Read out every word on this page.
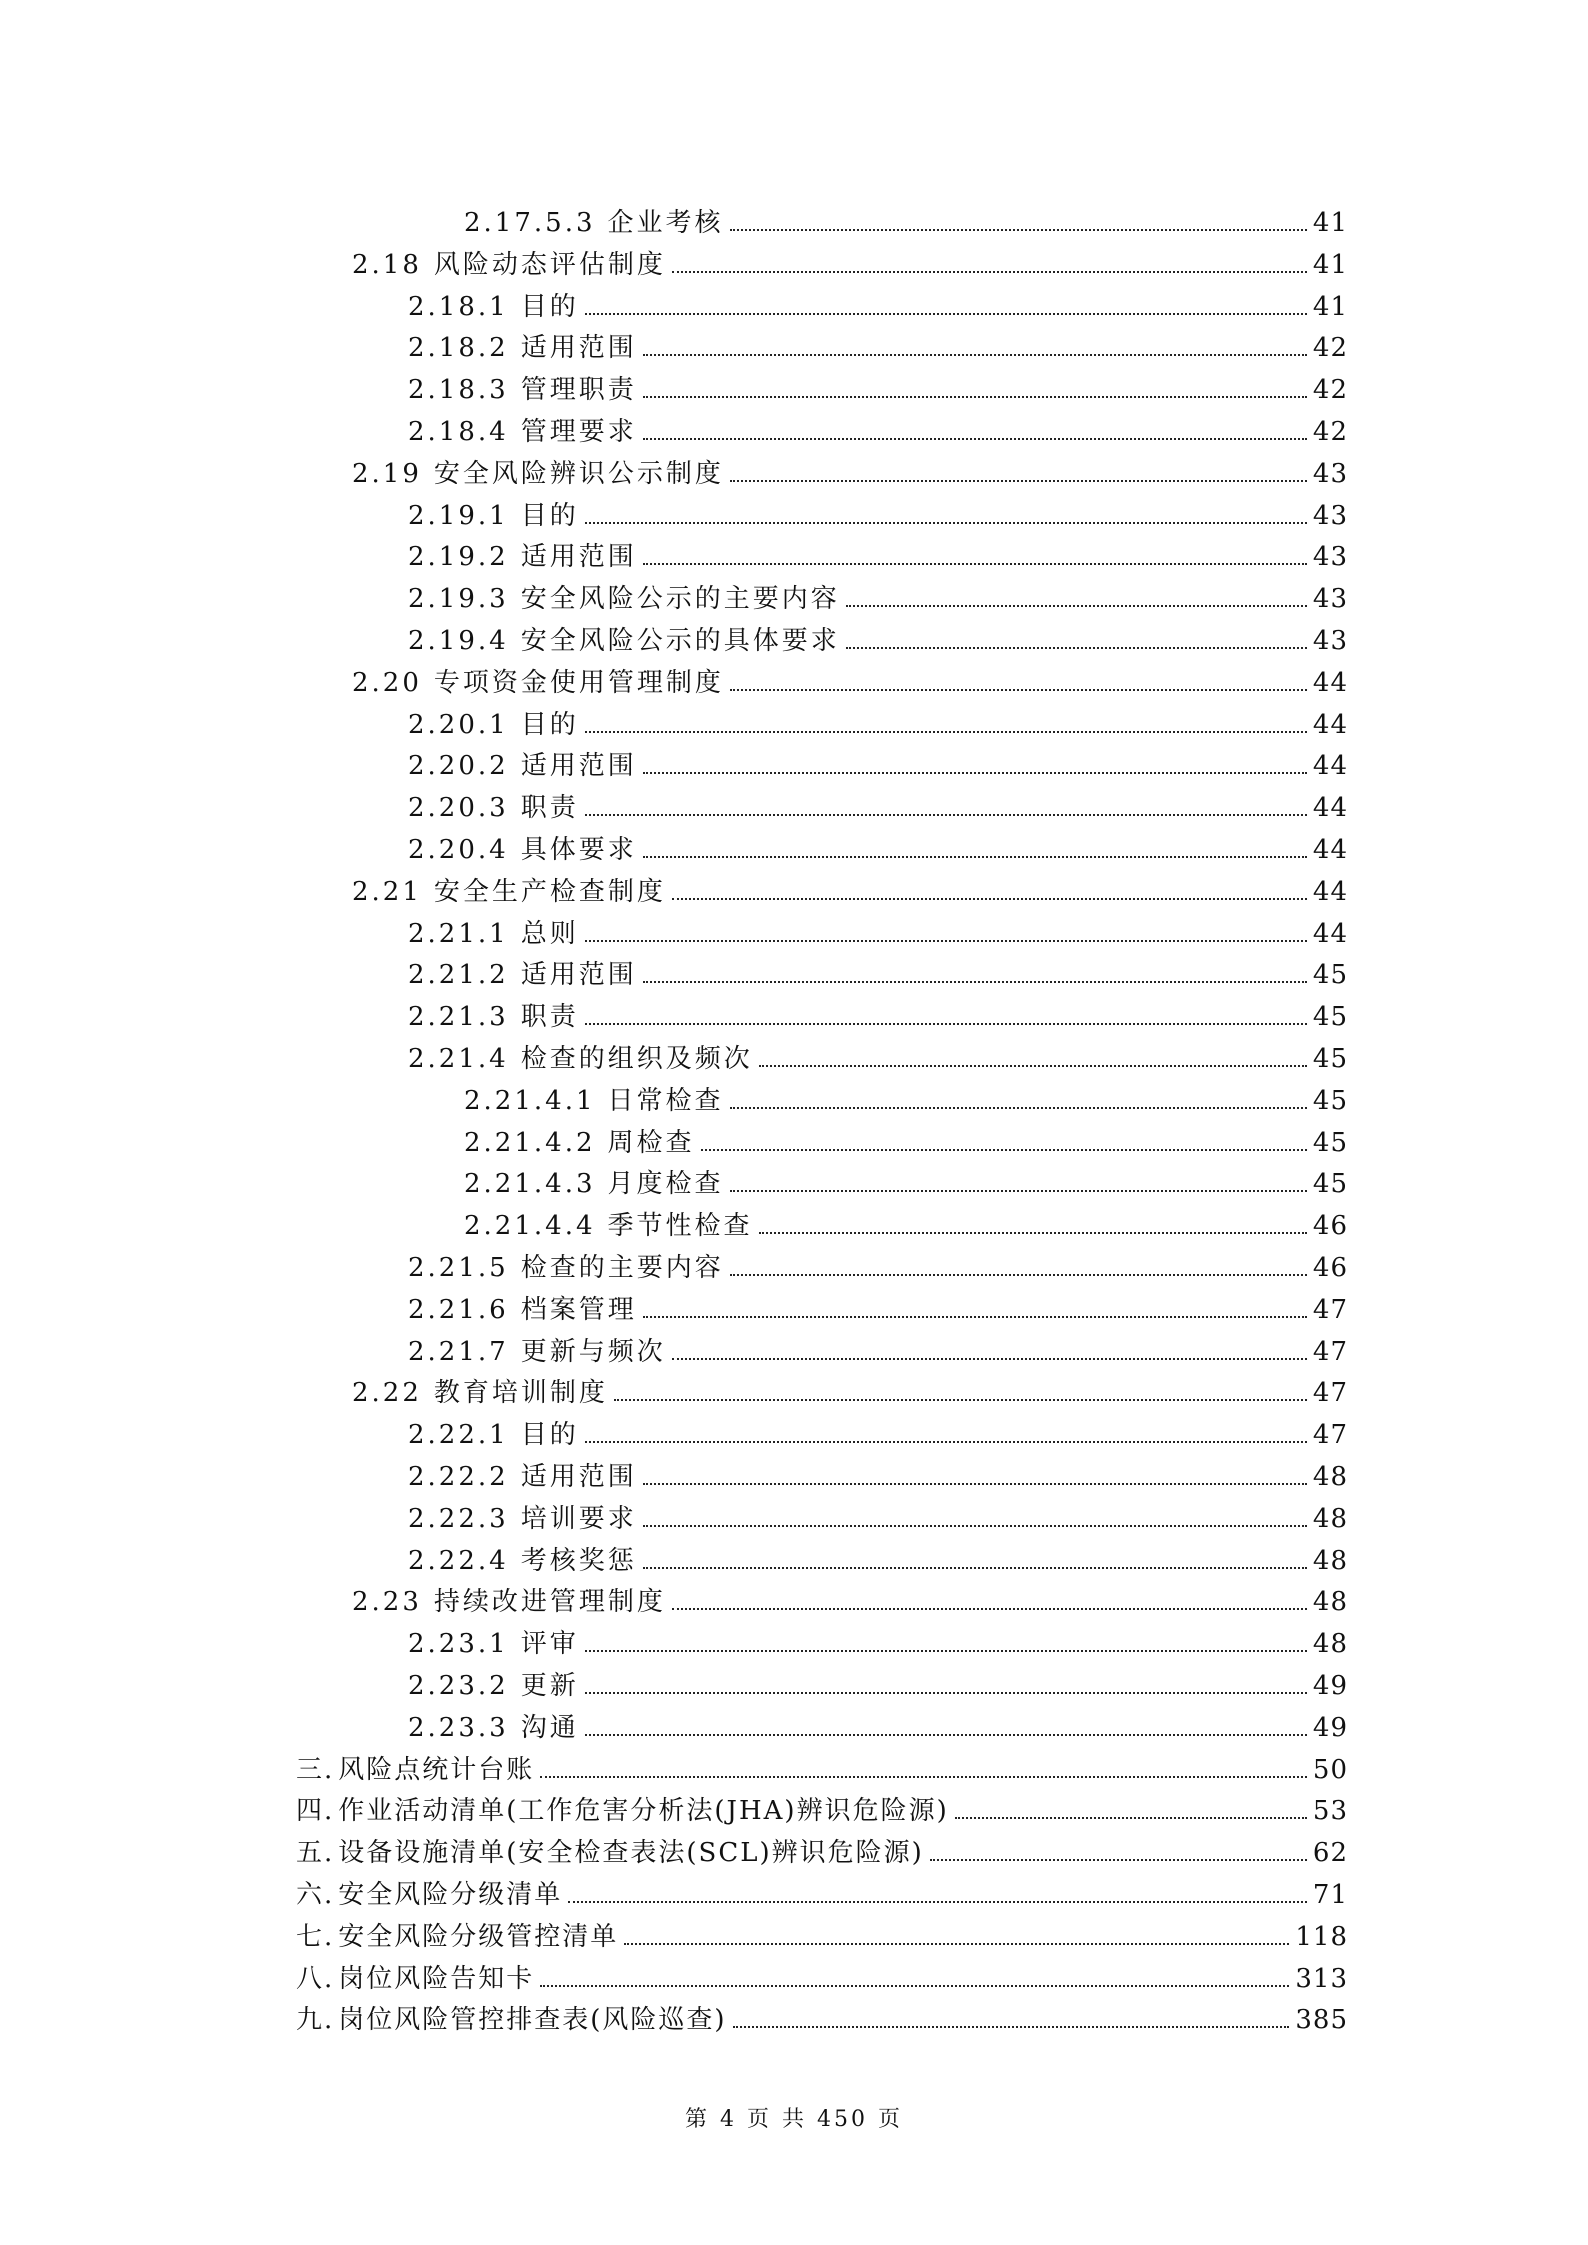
2.17.5.3 企业考核	41
2.18 风险动态评估制度	41
2.18.1 目的	41
2.18.2 适用范围	42
2.18.3 管理职责	42
2.18.4 管理要求	42
2.19 安全风险辨识公示制度	43
2.19.1 目的	43
2.19.2 适用范围	43
2.19.3 安全风险公示的主要内容	43
2.19.4 安全风险公示的具体要求	43
2.20 专项资金使用管理制度	44
2.20.1 目的	44
2.20.2 适用范围	44
2.20.3 职责	44
2.20.4 具体要求	44
2.21 安全生产检查制度	44
2.21.1 总则	44
2.21.2 适用范围	45
2.21.3 职责	45
2.21.4 检查的组织及频次	45
2.21.4.1 日常检查	45
2.21.4.2 周检查	45
2.21.4.3 月度检查	45
2.21.4.4 季节性检查	46
2.21.5 检查的主要内容	46
2.21.6 档案管理	47
2.21.7 更新与频次	47
2.22 教育培训制度	47
2.22.1 目的	47
2.22.2 适用范围	48
2.22.3 培训要求	48
2.22.4 考核奖惩	48
2.23 持续改进管理制度	48
2.23.1 评审	48
2.23.2 更新	49
2.23.3 沟通	49
三. 风险点统计台账	50
四. 作业活动清单(工作危害分析法(JHA)辨识危险源)	53
五. 设备设施清单(安全检查表法(SCL)辨识危险源)	62
六. 安全风险分级清单	71
七. 安全风险分级管控清单	118
八. 岗位风险告知卡	313
九. 岗位风险管控排查表(风险巡查)	385
第 4 页 共 450 页
